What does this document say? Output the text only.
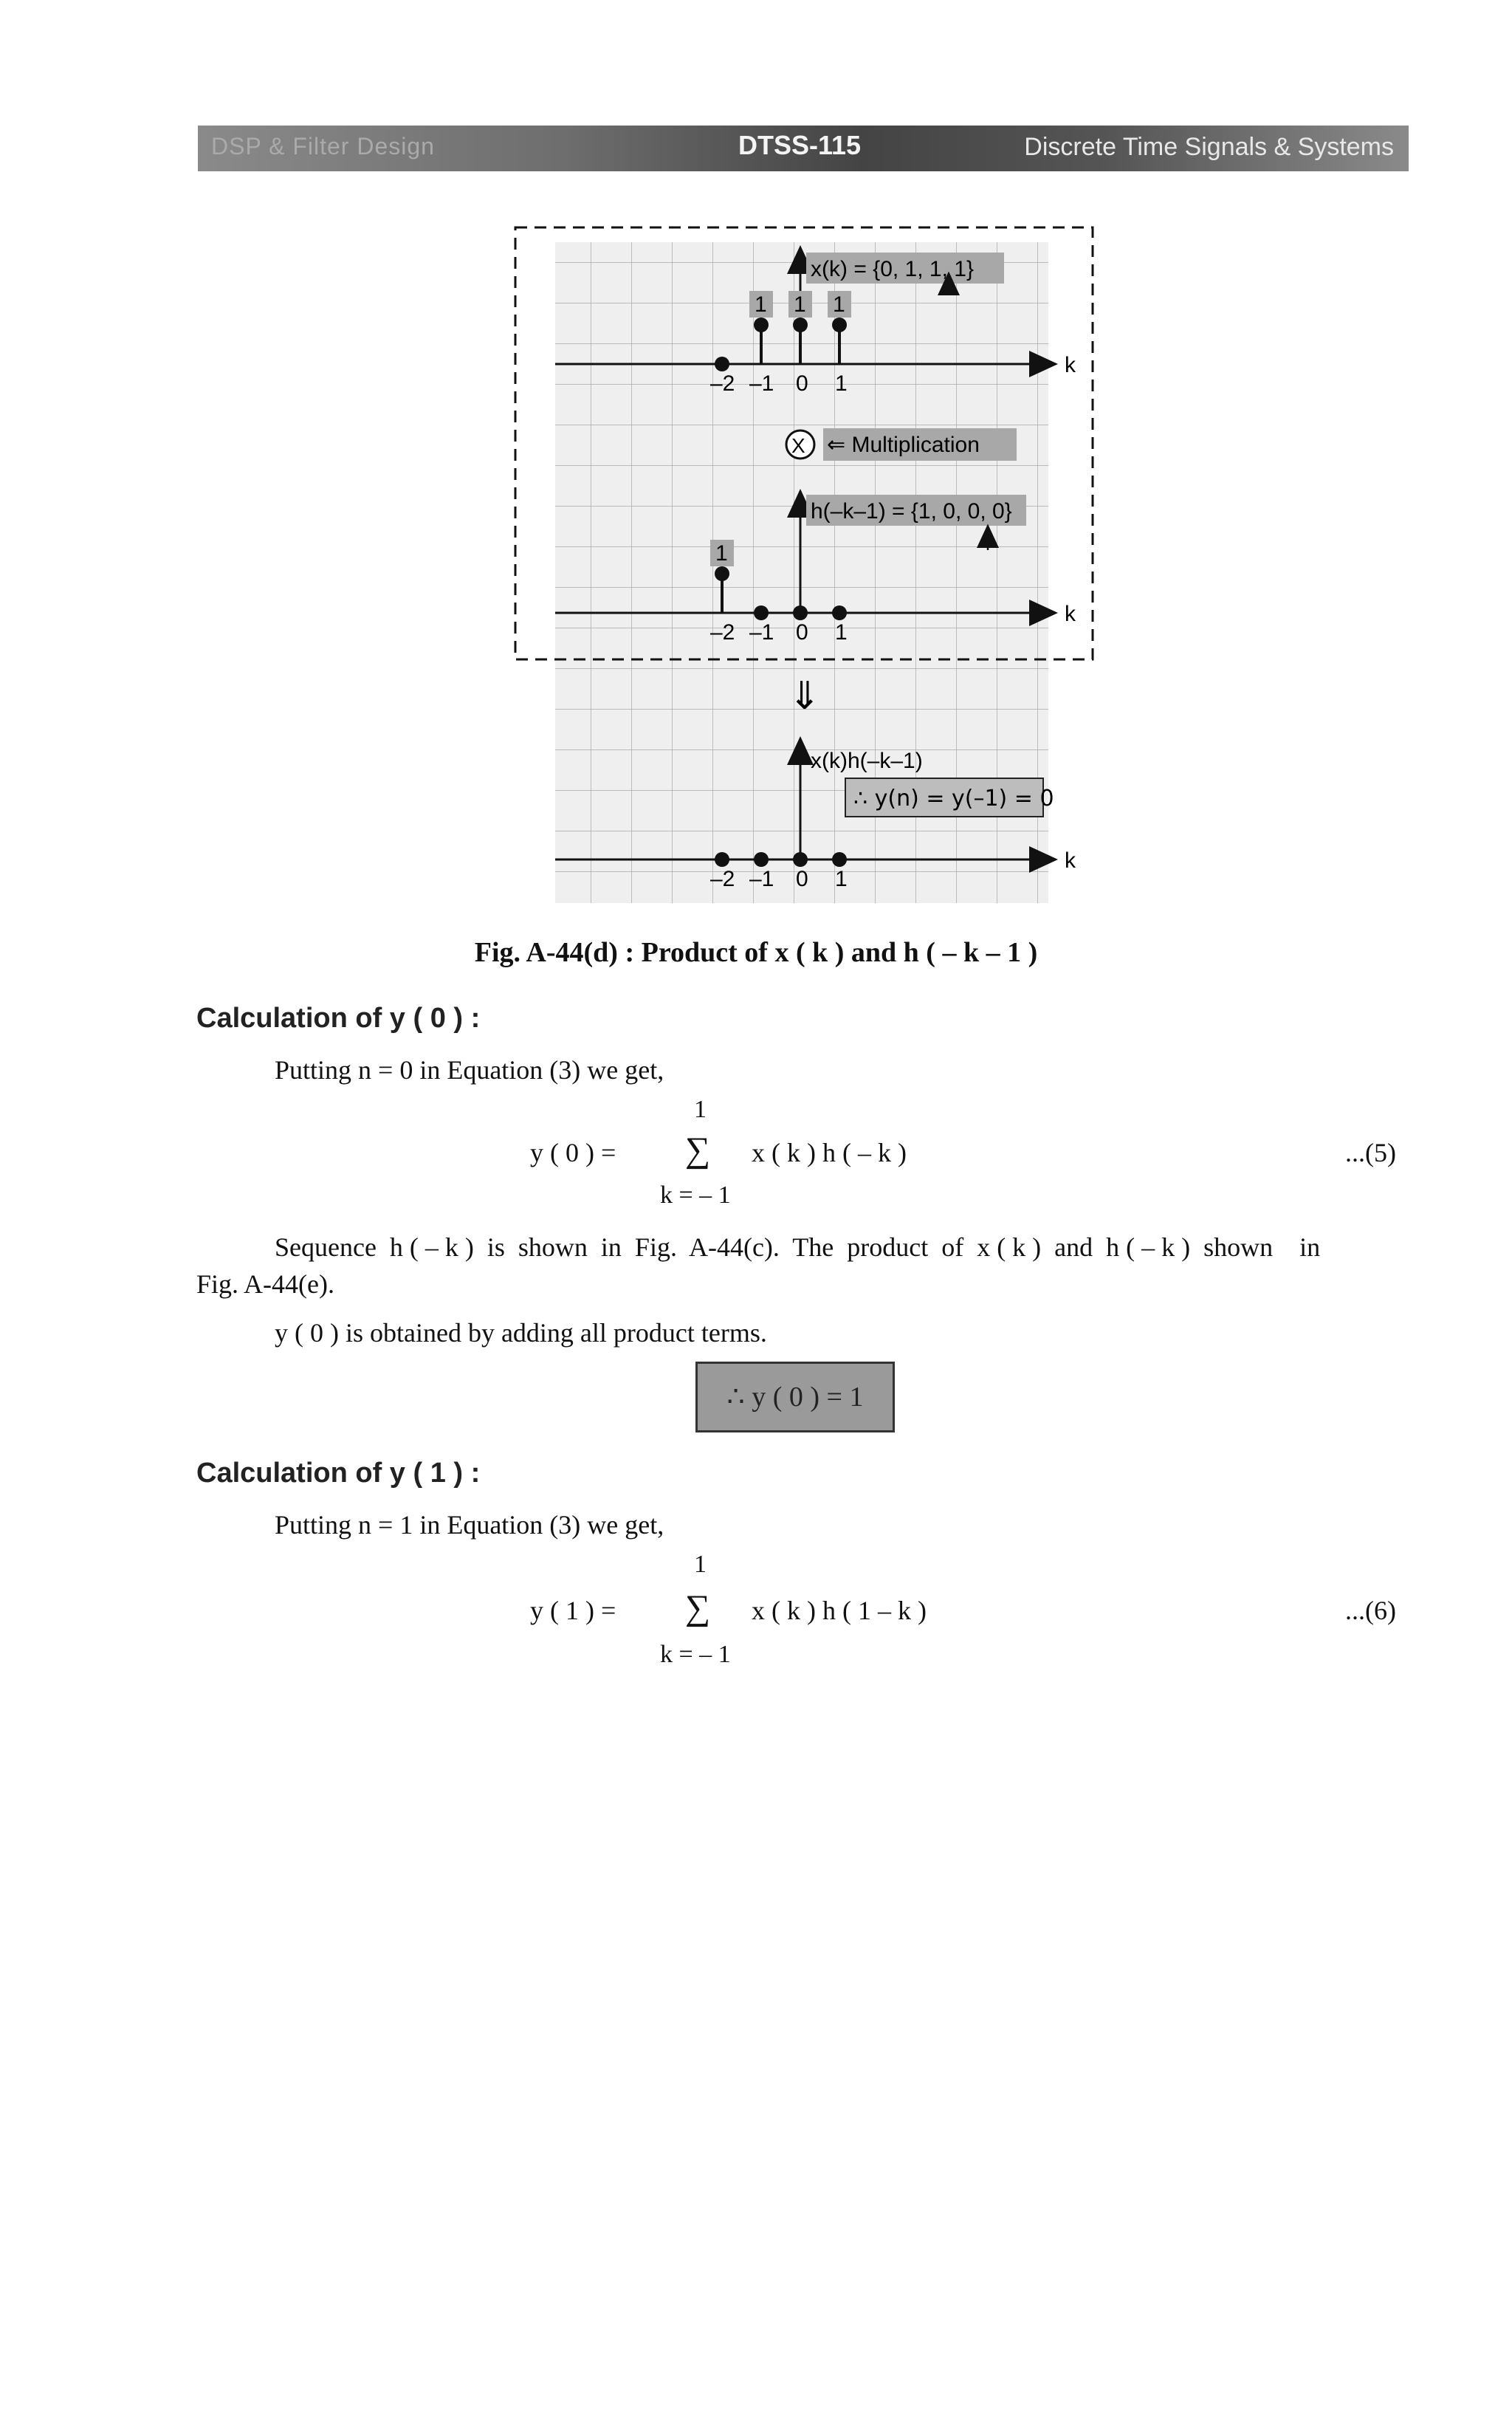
DSP & Filter Design	DTSS-115	Discrete Time Signals & Systems
k
x(k) = {0, 1, 1, 1}
1 1 1
–2 –1 0 1
X ⇐ Multiplication
k
h(–k–1) = {1, 0, 0, 0}
1
–2 –1 0 1
⇓
k
x(k)h(–k–1)
∴ y(n) = y(–1) = 0
–2 –1 0 1
Fig. A-44(d) : Product of x ( k ) and h ( – k – 1 )
Calculation of y ( 0 ) :
Putting n = 0 in Equation (3) we get,
1
y ( 0 ) = ∑ x ( k ) h ( – k )	...(5)
k = – 1
Sequence  h ( – k )  is  shown  in  Fig.  A-44(c).  The  product  of  x ( k )  and  h ( – k )  shown    in
Fig. A-44(e).
y ( 0 ) is obtained by adding all product terms.
∴ y ( 0 ) = 1
Calculation of y ( 1 ) :
Putting n = 1 in Equation (3) we get,
1
y ( 1 ) = ∑ x ( k ) h ( 1 – k )	...(6)
k = – 1
